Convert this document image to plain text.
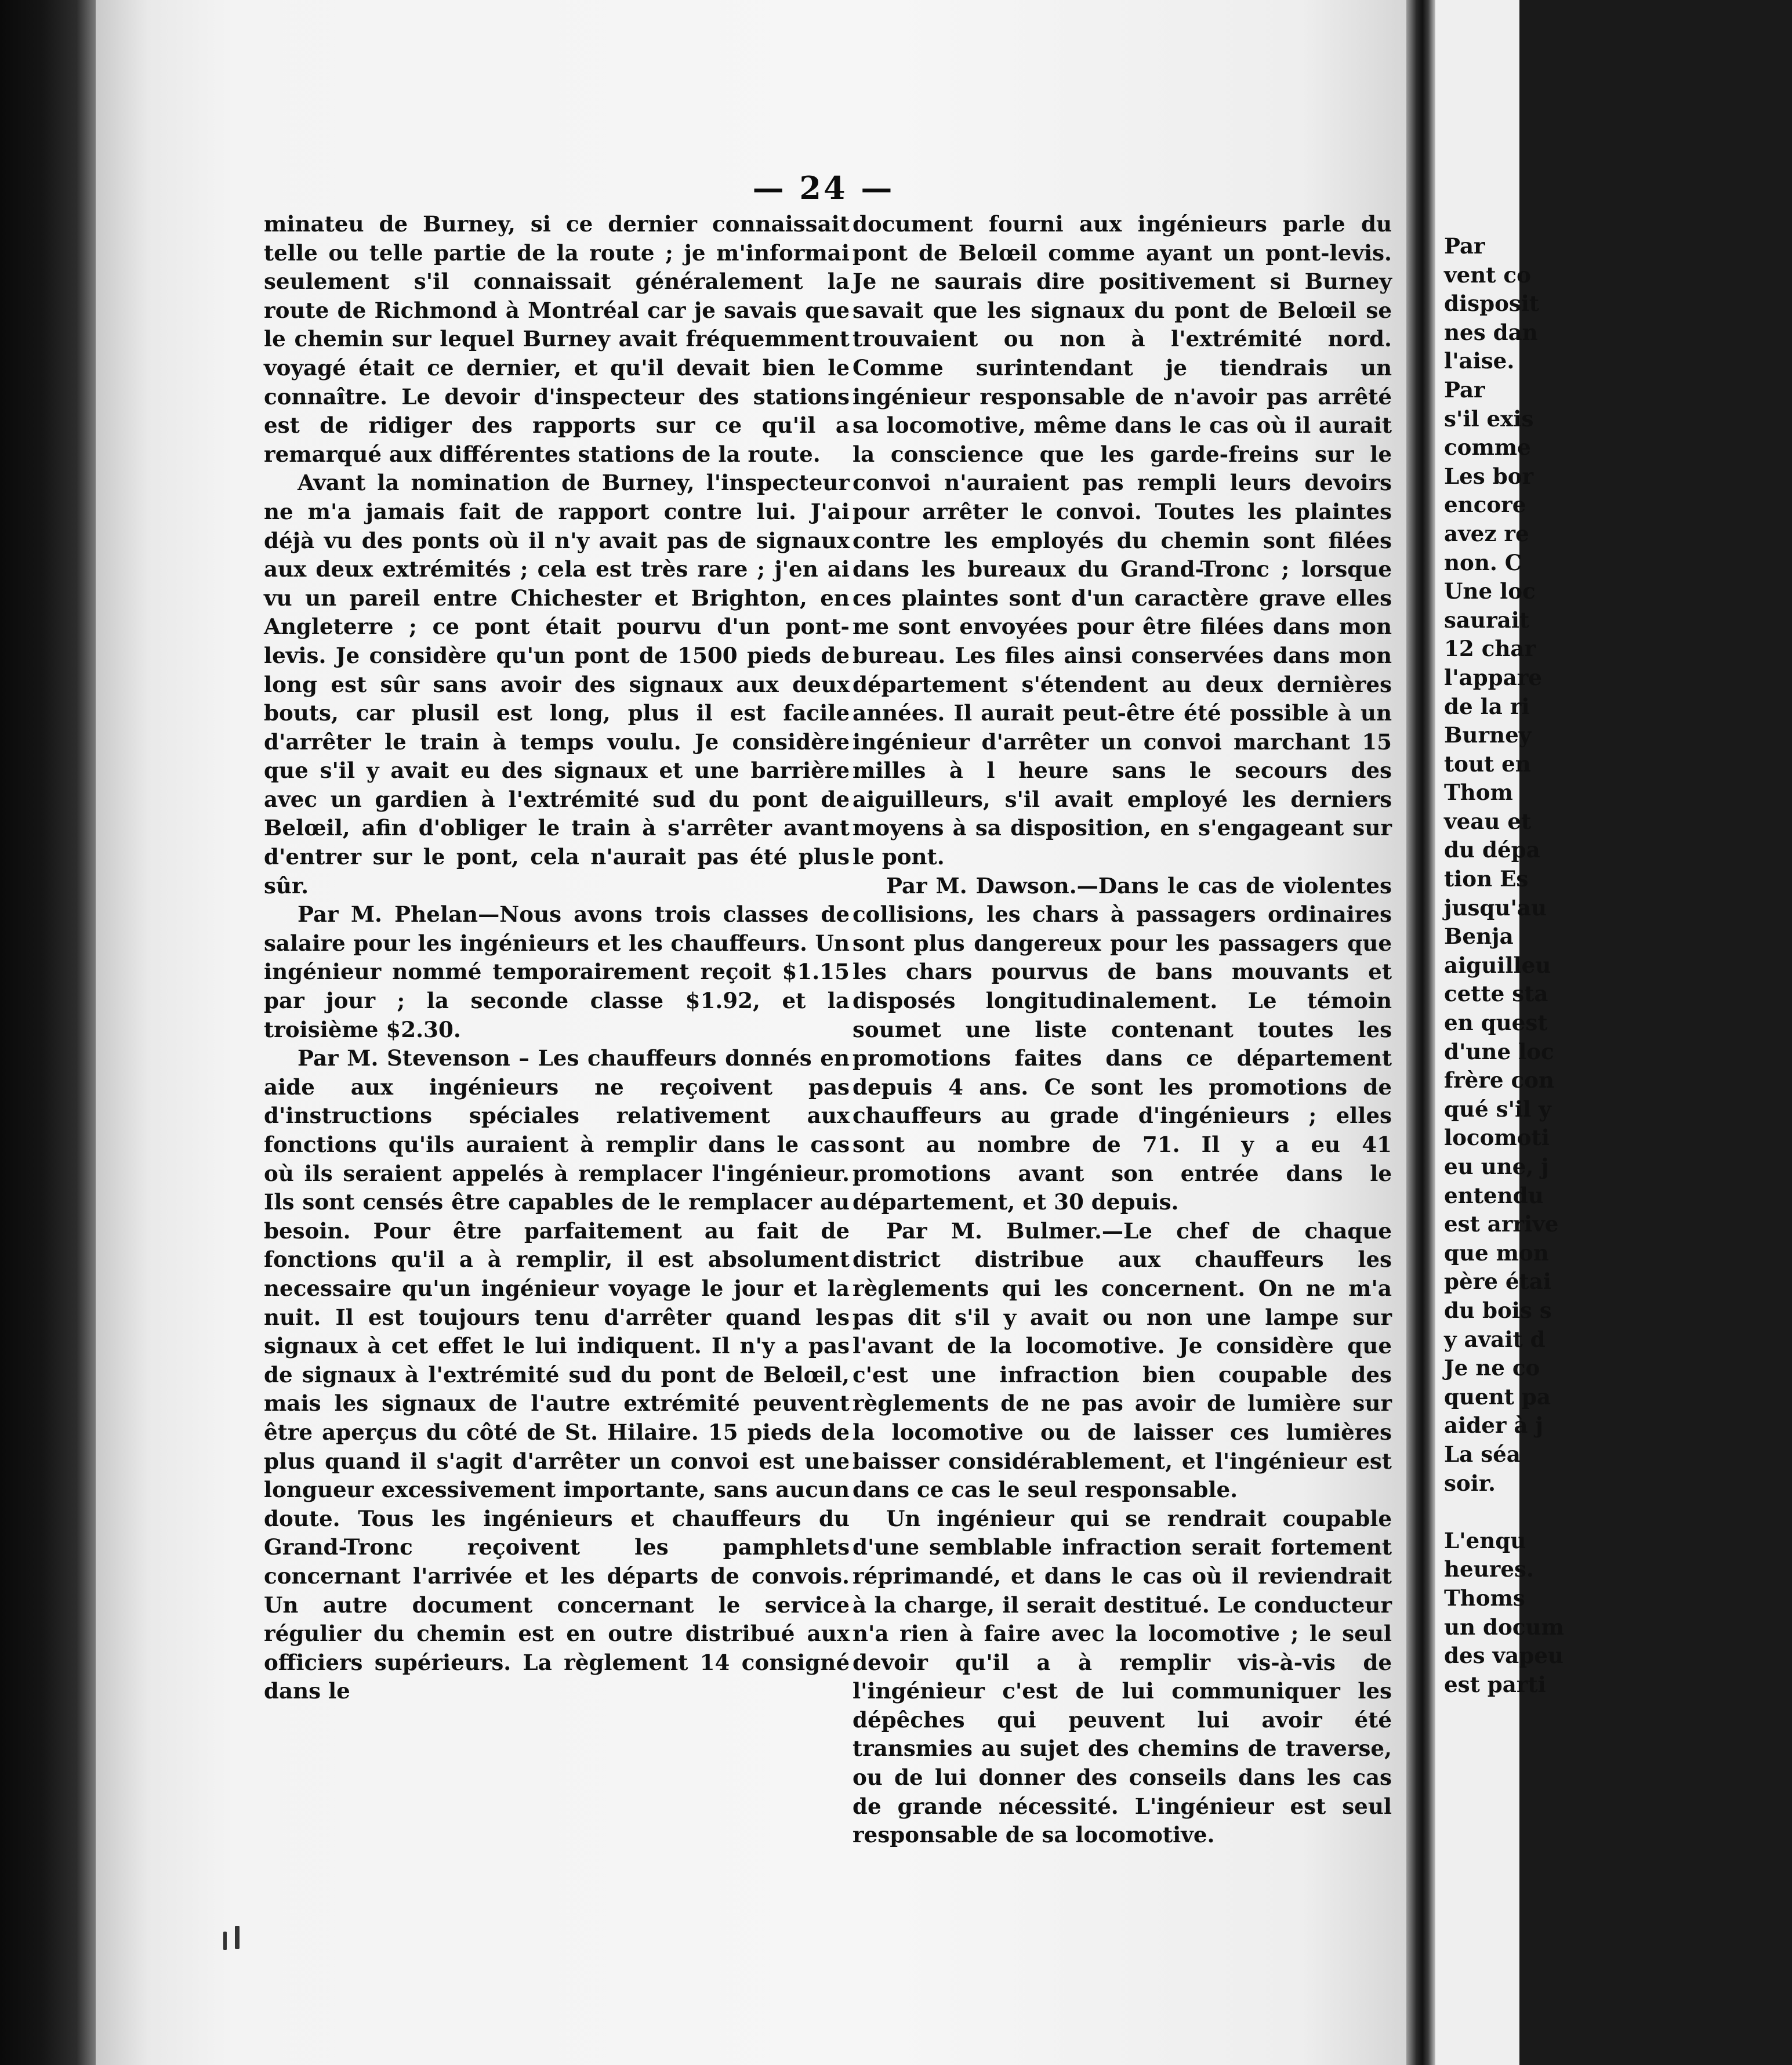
— 24 —

minateu de Burney, si ce dernier connaissait telle ou telle partie de la route ; je m'informai seulement s'il connaissait généralement la route de Richmond à Montréal car je savais que le chemin sur lequel Burney avait fréquemment voyagé était ce dernier, et qu'il devait bien le connaître. Le devoir d'inspecteur des stations est de ridiger des rapports sur ce qu'il a remarqué aux différentes stations de la route.

Avant la nomination de Burney, l'inspecteur ne m'a jamais fait de rapport contre lui. J'ai déjà vu des ponts où il n'y avait pas de signaux aux deux extrémités ; cela est très rare ; j'en ai vu un pareil entre Chichester et Brighton, en Angleterre ; ce pont était pourvu d'un pont-levis. Je considère qu'un pont de 1500 pieds de long est sûr sans avoir des signaux aux deux bouts, car plusil est long, plus il est facile d'arrêter le train à temps voulu. Je considère que s'il y avait eu des signaux et une barrière avec un gardien à l'extrémité sud du pont de Belœil, afin d'obliger le train à s'arrêter avant d'entrer sur le pont, cela n'aurait pas été plus sûr.

Par M. Phelan—Nous avons trois classes de salaire pour les ingénieurs et les chauffeurs. Un ingénieur nommé temporairement reçoit $1.15 par jour ; la seconde classe $1.92, et la troisième $2.30.

Par M. Stevenson – Les chauffeurs donnés en aide aux ingénieurs ne reçoivent pas d'instructions spéciales relativement aux fonctions qu'ils auraient à remplir dans le cas où ils seraient appelés à remplacer l'ingénieur. Ils sont censés être capables de le remplacer au besoin. Pour être parfaitement au fait de fonctions qu'il a à remplir, il est absolument necessaire qu'un ingénieur voyage le jour et la nuit. Il est toujours tenu d'arrêter quand les signaux à cet effet le lui indiquent. Il n'y a pas de signaux à l'extrémité sud du pont de Belœil, mais les signaux de l'autre extrémité peuvent être aperçus du côté de St. Hilaire. 15 pieds de plus quand il s'agit d'arrêter un convoi est une longueur excessivement importante, sans aucun doute. Tous les ingénieurs et chauffeurs du Grand-Tronc reçoivent les pamphlets concernant l'arrivée et les départs de convois. Un autre document concernant le service régulier du chemin est en outre distribué aux officiers supérieurs. La règlement 14 consigné dans le

document fourni aux ingénieurs parle du pont de Belœil comme ayant un pont-levis. Je ne saurais dire positivement si Burney savait que les signaux du pont de Belœil se trouvaient ou non à l'extrémité nord. Comme surintendant je tiendrais un ingénieur responsable de n'avoir pas arrêté sa locomotive, même dans le cas où il aurait la conscience que les garde-freins sur le convoi n'auraient pas rempli leurs devoirs pour arrêter le convoi. Toutes les plaintes contre les employés du chemin sont filées dans les bureaux du Grand-Tronc ; lorsque ces plaintes sont d'un caractère grave elles me sont envoyées pour être filées dans mon bureau. Les files ainsi conservées dans mon département s'étendent au deux dernières années. Il aurait peut-être été possible à un ingénieur d'arrêter un convoi marchant 15 milles à l heure sans le secours des aiguilleurs, s'il avait employé les derniers moyens à sa disposition, en s'engageant sur le pont.

Par M. Dawson.—Dans le cas de violentes collisions, les chars à passagers ordinaires sont plus dangereux pour les passagers que les chars pourvus de bans mouvants et disposés longitudinalement. Le témoin soumet une liste contenant toutes les promotions faites dans ce département depuis 4 ans. Ce sont les promotions de chauffeurs au grade d'ingénieurs ; elles sont au nombre de 71. Il y a eu 41 promotions avant son entrée dans le département, et 30 depuis.

Par M. Bulmer.—Le chef de chaque district distribue aux chauffeurs les règlements qui les concernent. On ne m'a pas dit s'il y avait ou non une lampe sur l'avant de la locomotive. Je considère que c'est une infraction bien coupable des règlements de ne pas avoir de lumière sur la locomotive ou de laisser ces lumières baisser considérablement, et l'ingénieur est dans ce cas le seul responsable.

Un ingénieur qui se rendrait coupable d'une semblable infraction serait fortement réprimandé, et dans le cas où il reviendrait à la charge, il serait destitué. Le conducteur n'a rien à faire avec la locomotive ; le seul devoir qu'il a à remplir vis-à-vis de l'ingénieur c'est de lui communiquer les dépêches qui peuvent lui avoir été transmies au sujet des chemins de traverse, ou de lui donner des conseils dans les cas de grande nécessité. L'ingénieur est seul responsable de sa locomotive.

Par
vent co
disposit
nes dan
l'aise.
Par
s'il exis
comme
Les bor
encore
avez re
non. C
Une loc
saurait
12 char
l'appare
de la ri
Burney
tout en
Thom
veau et
du dépa
tion Es
jusqu'au
Benja
aiguilleu
cette sta
en quest
d'une loc
frère con
qué s'il y
locomoti
eu une, j
entendu
est arrive
que mon
père étai
du bois s
y avait d
Je ne co
quent pa
aider à j
La séa
soir.
L'enqu
heures.
Thoms
un docum
des vapeu
est parti
